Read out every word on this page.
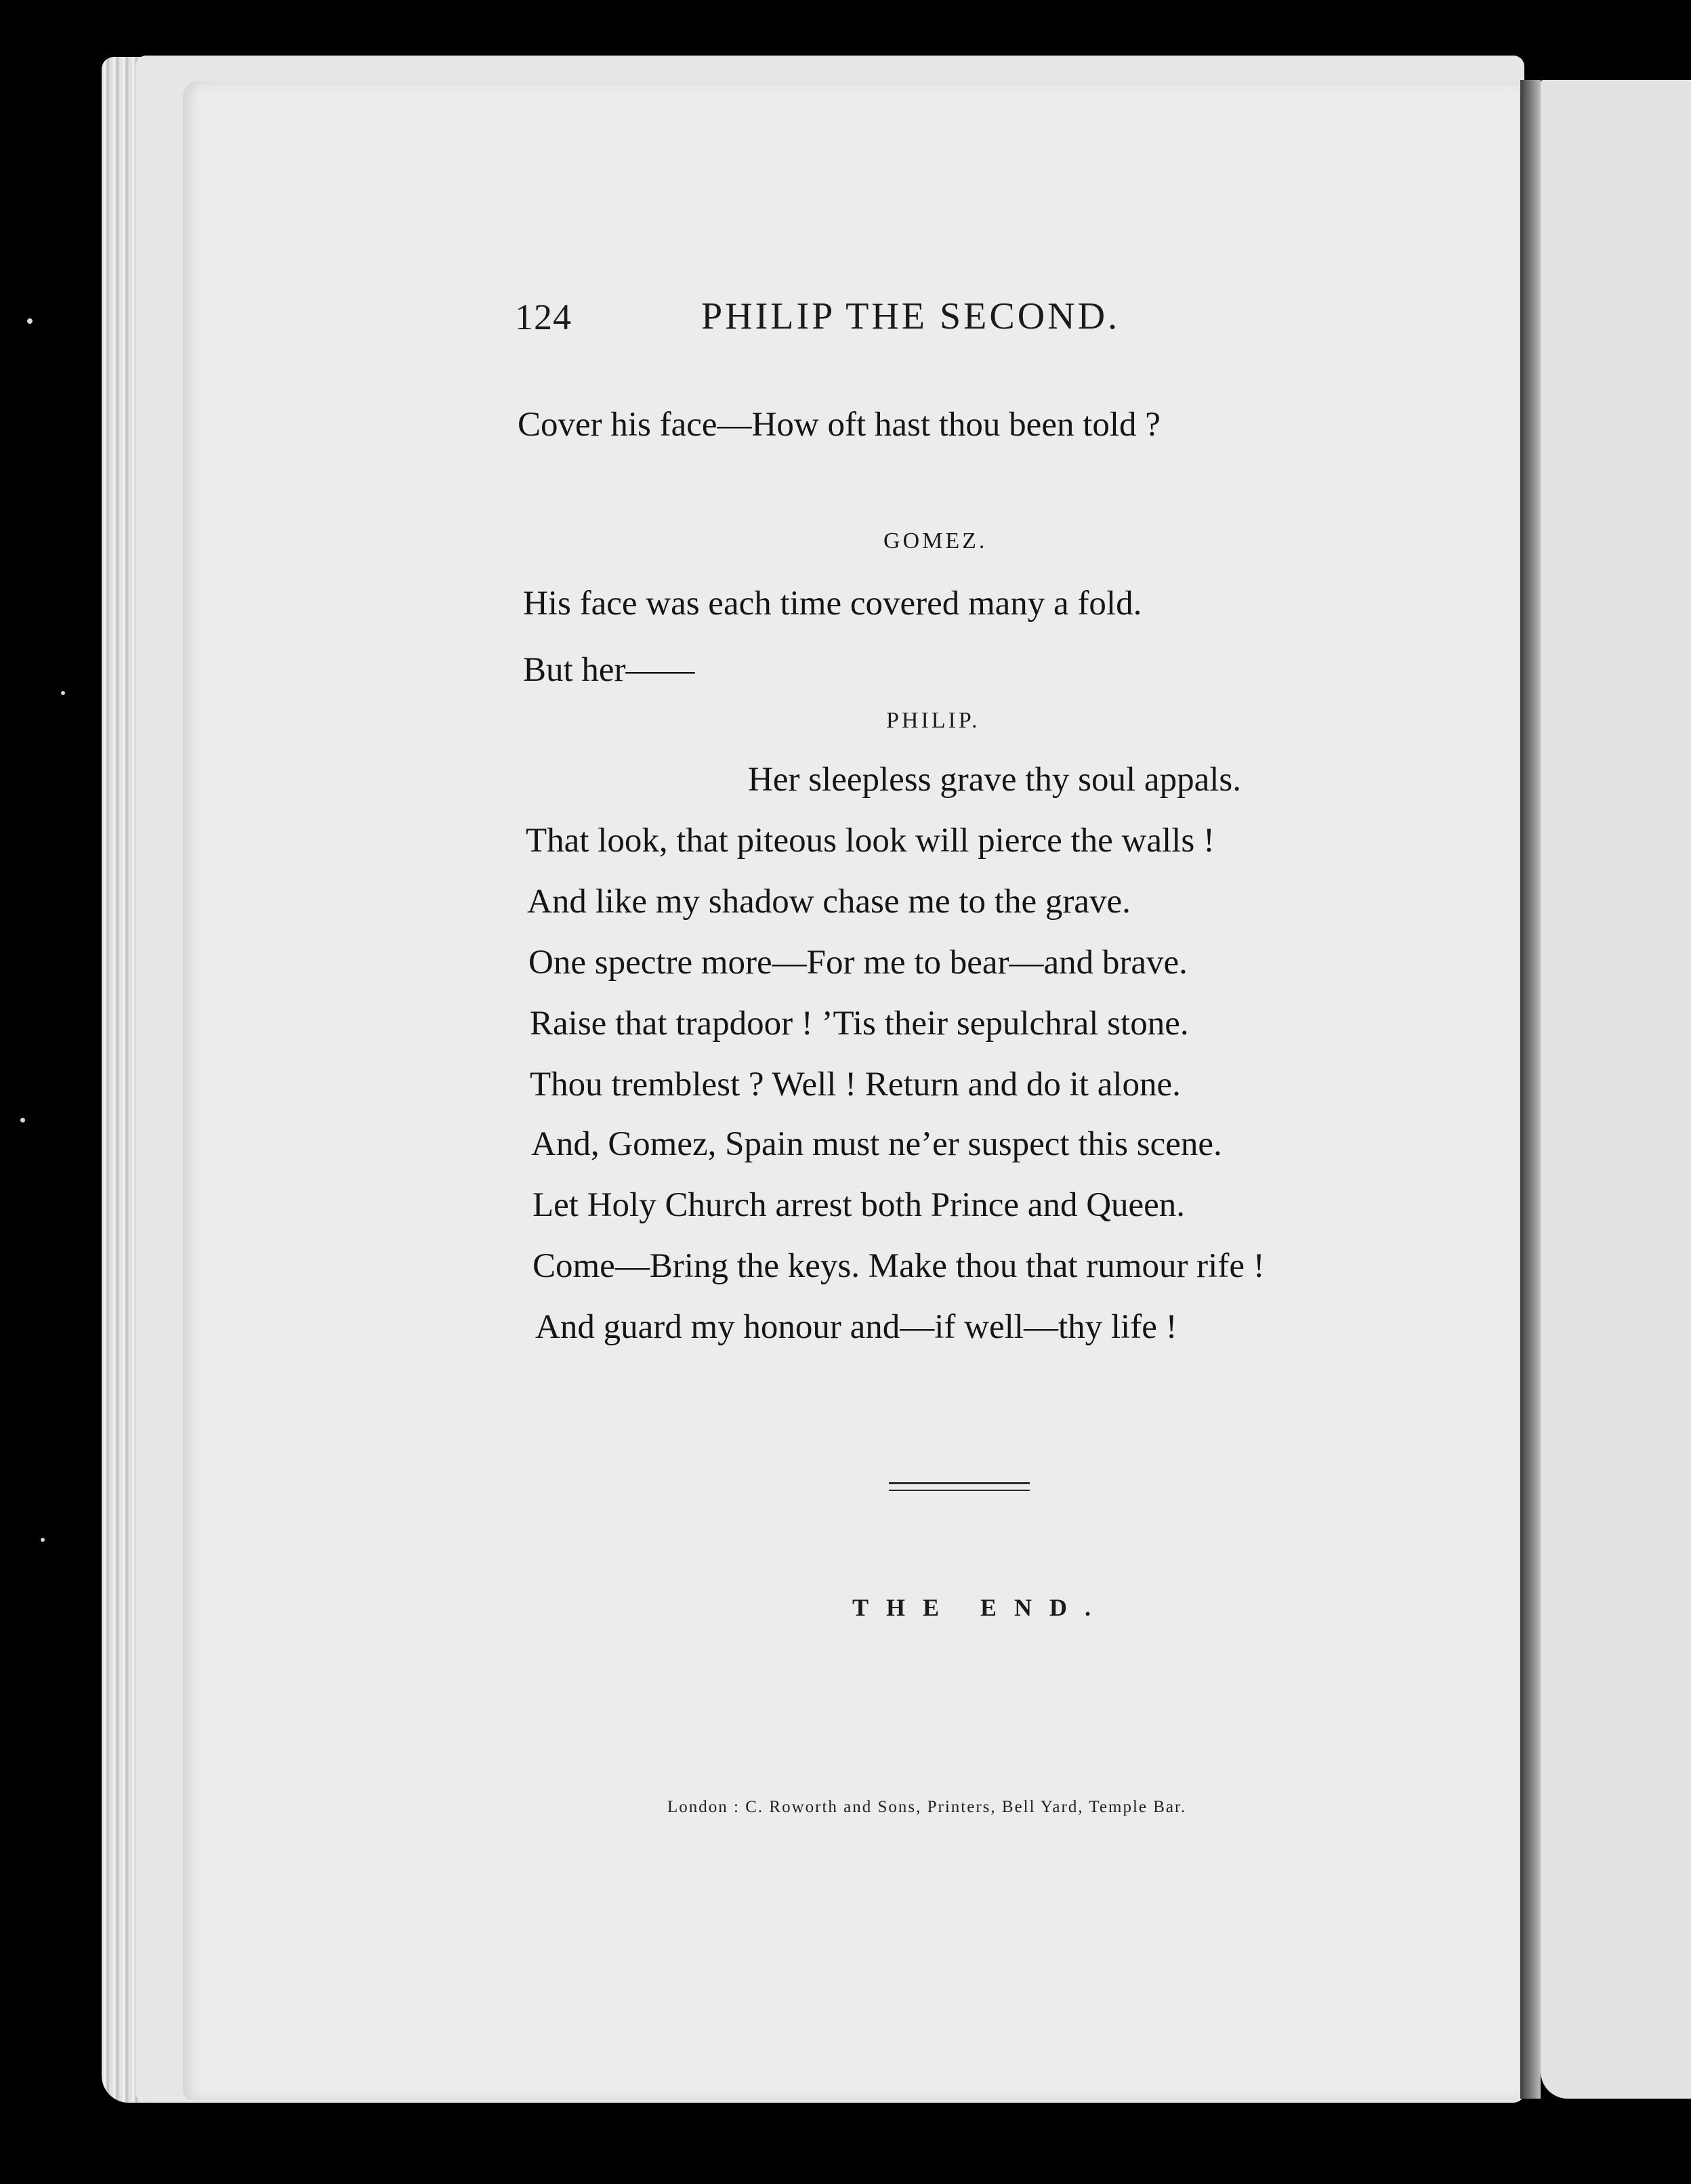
124	PHILIP THE SECOND.
Cover his face—How oft hast thou been told ?
GOMEZ.
His face was each time covered many a fold.
But her——
PHILIP.
Her sleepless grave thy soul appals.
That look, that piteous look will pierce the walls !
And like my shadow chase me to the grave.
One spectre more—For me to bear—and brave.
Raise that trapdoor ! ’Tis their sepulchral stone.
Thou tremblest ? Well ! Return and do it alone.
And, Gomez, Spain must ne’er suspect this scene.
Let Holy Church arrest both Prince and Queen.
Come—Bring the keys. Make thou that rumour rife !
And guard my honour and—if well—thy life !
THE END.
London : C. Roworth and Sons, Printers, Bell Yard, Temple Bar.
